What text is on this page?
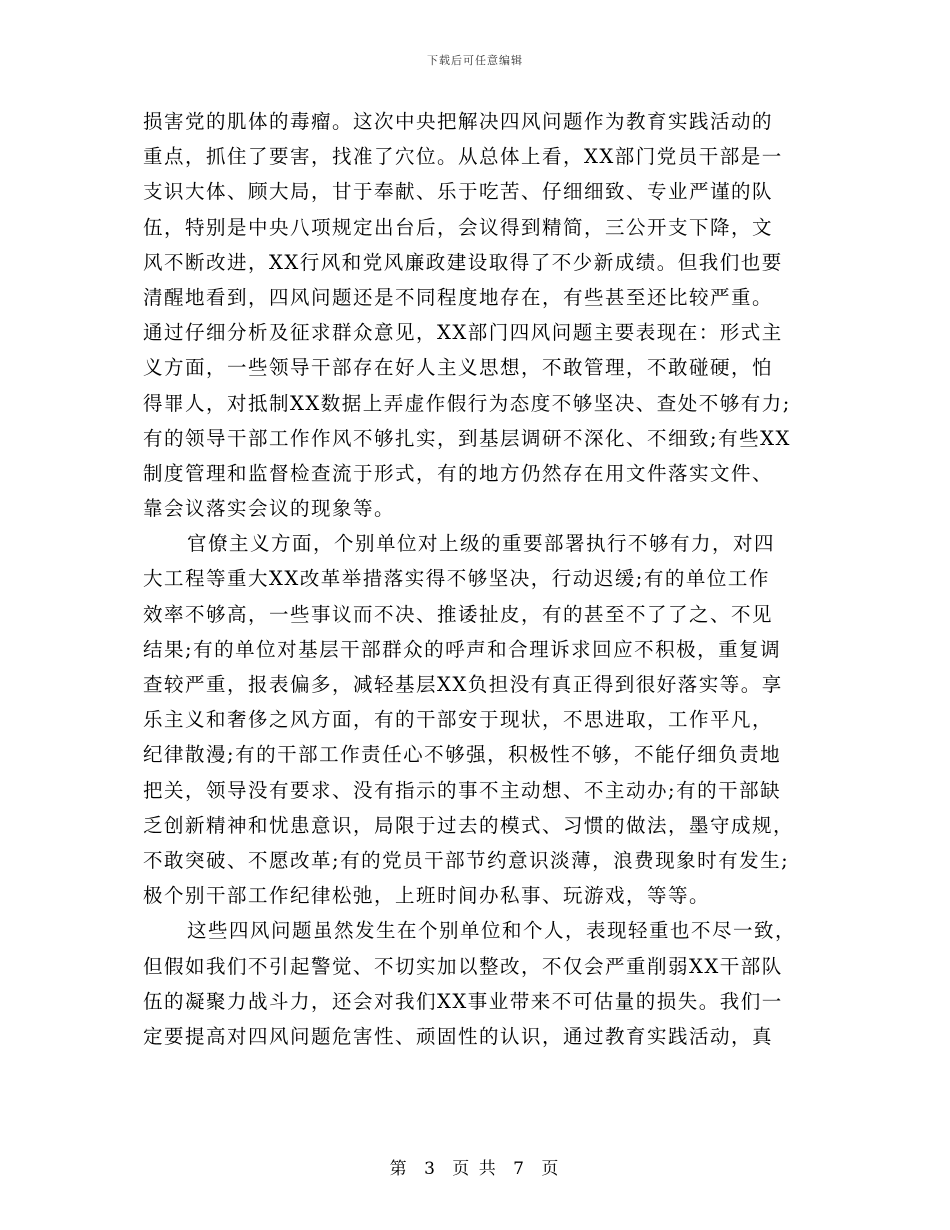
下载后可任意编辑

损害党的肌体的毒瘤。这次中央把解决四风问题作为教育实践活动的
重点，抓住了要害，找准了穴位。从总体上看，XX部门党员干部是一
支识大体、顾大局，甘于奉献、乐于吃苦、仔细细致、专业严谨的队
伍，特别是中央八项规定出台后，会议得到精简，三公开支下降，文
风不断改进，XX行风和党风廉政建设取得了不少新成绩。但我们也要
清醒地看到，四风问题还是不同程度地存在，有些甚至还比较严重。
通过仔细分析及征求群众意见，XX部门四风问题主要表现在：形式主
义方面，一些领导干部存在好人主义思想，不敢管理，不敢碰硬，怕
得罪人，对抵制XX数据上弄虚作假行为态度不够坚决、查处不够有力;
有的领导干部工作作风不够扎实，到基层调研不深化、不细致;有些XX
制度管理和监督检查流于形式，有的地方仍然存在用文件落实文件、
靠会议落实会议的现象等。

官僚主义方面，个别单位对上级的重要部署执行不够有力，对四
大工程等重大XX改革举措落实得不够坚决，行动迟缓;有的单位工作
效率不够高，一些事议而不决、推诿扯皮，有的甚至不了了之、不见
结果;有的单位对基层干部群众的呼声和合理诉求回应不积极，重复调
查较严重，报表偏多，减轻基层XX负担没有真正得到很好落实等。享
乐主义和奢侈之风方面，有的干部安于现状，不思进取，工作平凡，
纪律散漫;有的干部工作责任心不够强，积极性不够，不能仔细负责地
把关，领导没有要求、没有指示的事不主动想、不主动办;有的干部缺
乏创新精神和忧患意识，局限于过去的模式、习惯的做法，墨守成规，
不敢突破、不愿改革;有的党员干部节约意识淡薄，浪费现象时有发生;
极个别干部工作纪律松弛，上班时间办私事、玩游戏，等等。

这些四风问题虽然发生在个别单位和个人，表现轻重也不尽一致，
但假如我们不引起警觉、不切实加以整改，不仅会严重削弱XX干部队
伍的凝聚力战斗力，还会对我们XX事业带来不可估量的损失。我们一
定要提高对四风问题危害性、顽固性的认识，通过教育实践活动，真

第 3 页 共 7 页
